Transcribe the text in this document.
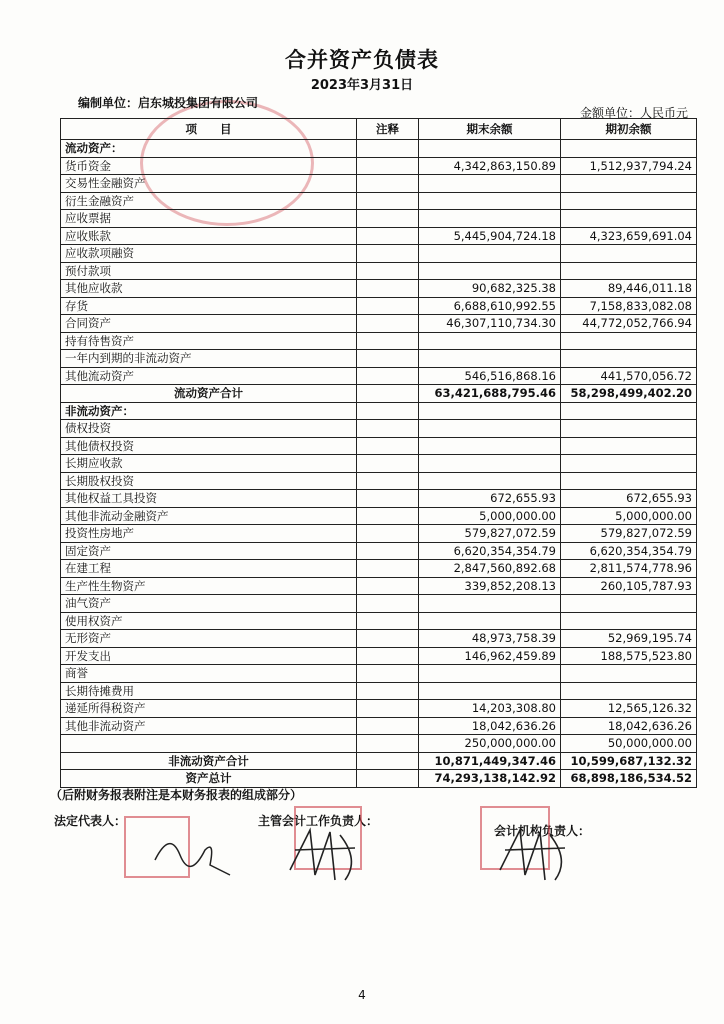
合并资产负债表
2023年3月31日
编制单位：启东城投集团有限公司
金额单位：人民币元
项　　目	注释	期末余额	期初余额
流动资产：			
货币资金		4,342,863,150.89	1,512,937,794.24
交易性金融资产			
衍生金融资产			
应收票据			
应收账款		5,445,904,724.18	4,323,659,691.04
应收款项融资			
预付款项			
其他应收款		90,682,325.38	89,446,011.18
存货		6,688,610,992.55	7,158,833,082.08
合同资产		46,307,110,734.30	44,772,052,766.94
持有待售资产			
一年内到期的非流动资产			
其他流动资产		546,516,868.16	441,570,056.72
流动资产合计		63,421,688,795.46	58,298,499,402.20
非流动资产：			
债权投资			
其他债权投资			
长期应收款			
长期股权投资			
其他权益工具投资		672,655.93	672,655.93
其他非流动金融资产		5,000,000.00	5,000,000.00
投资性房地产		579,827,072.59	579,827,072.59
固定资产		6,620,354,354.79	6,620,354,354.79
在建工程		2,847,560,892.68	2,811,574,778.96
生产性生物资产		339,852,208.13	260,105,787.93
油气资产			
使用权资产			
无形资产		48,973,758.39	52,969,195.74
开发支出		146,962,459.89	188,575,523.80
商誉			
长期待摊费用			
递延所得税资产		14,203,308.80	12,565,126.32
其他非流动资产		18,042,636.26	18,042,636.26
		250,000,000.00	50,000,000.00
非流动资产合计		10,871,449,347.46	10,599,687,132.32
资产总计		74,293,138,142.92	68,898,186,534.52
（后附财务报表附注是本财务报表的组成部分）
法定代表人：	主管会计工作负责人：
会计机构负责人：
4
